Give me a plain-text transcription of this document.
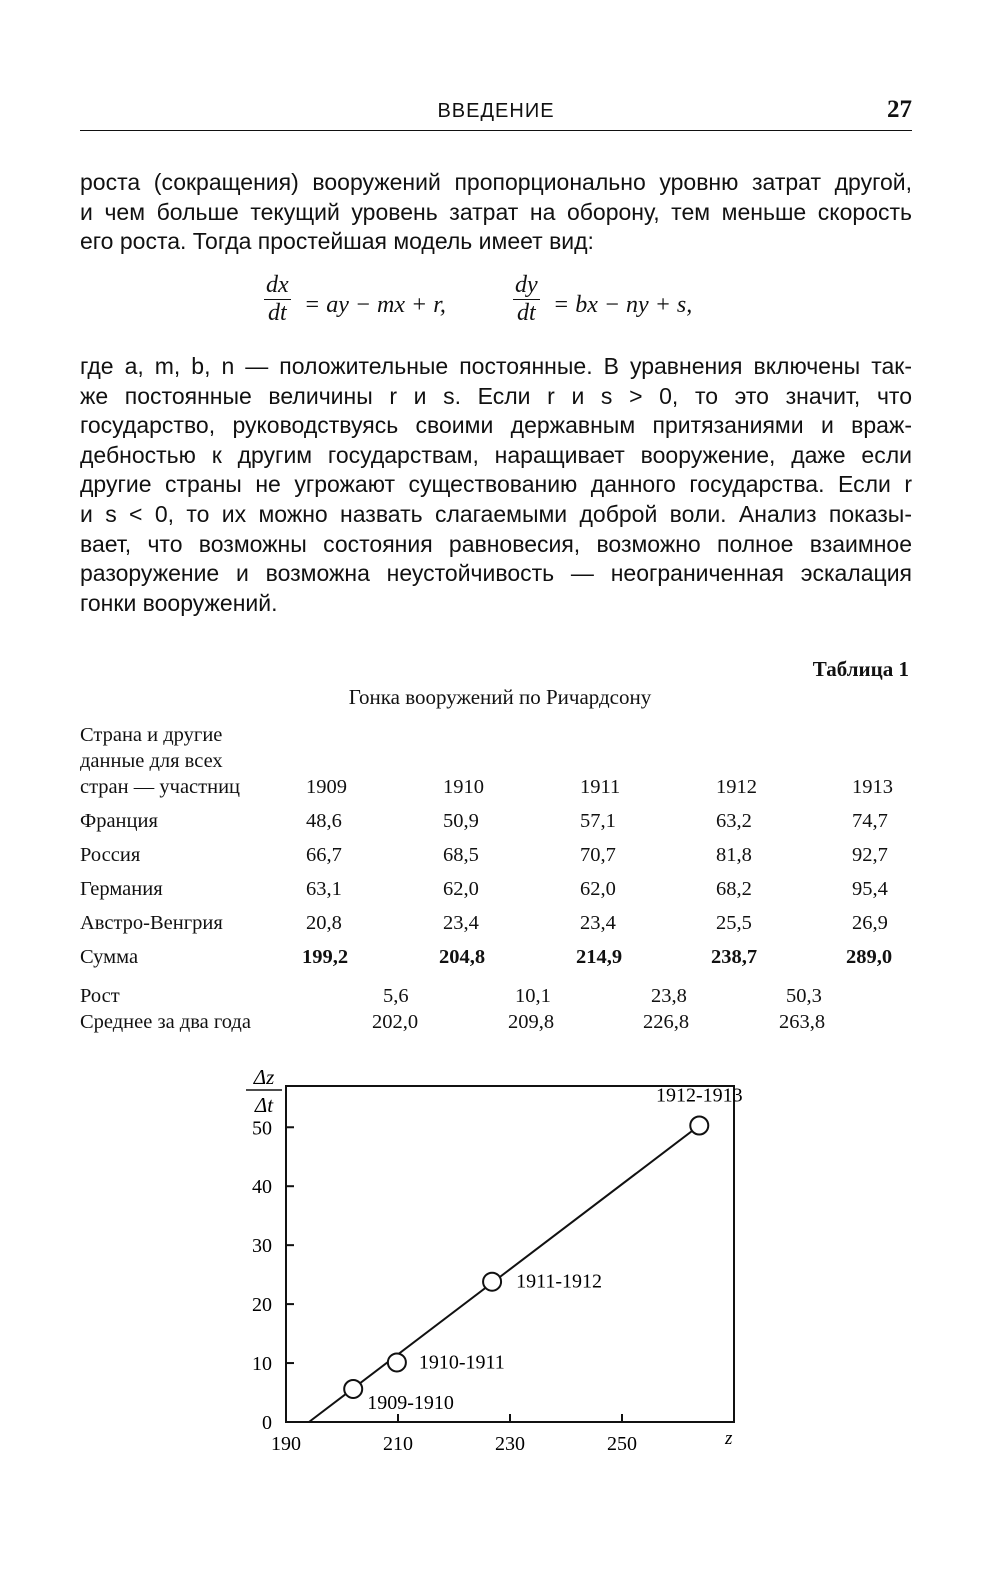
ВВЕДЕНИЕ	27
роста (сокращения) вооружений пропорционально уровню затрат другой,
и чем больше текущий уровень затрат на оборону, тем меньше скорость
его роста. Тогда простейшая модель имеет вид:
$\frac{dx}{dt}$ = ay − mx + r,	$\frac{dy}{dt}$ = bx − ny + s,
где a, m, b, n — положительные постоянные. В уравнения включены так-
же постоянные величины r и s. Если r и s > 0, то это значит, что
государство, руководствуясь своими державным притязаниями и враж-
дебностью к другим государствам, наращивает вооружение, даже если
другие страны не угрожают существованию данного государства. Если r
и s < 0, то их можно назвать слагаемыми доброй воли. Анализ показы-
вает, что возможны состояния равновесия, возможно полное взаимное
разоружение и возможна неустойчивость — неограниченная эскалация
гонки вооружений.
Таблица 1
Гонка вооружений по Ричардсону
Страна и другие
данные для всех
стран — участниц	1909	1910	1911	1912	1913
Франция	48,6	50,9	57,1	63,2	74,7
Россия	66,7	68,5	70,7	81,8	92,7
Германия	63,1	62,0	62,0	68,2	95,4
Австро-Венгрия	20,8	23,4	23,4	25,5	26,9
Сумма	199,2	204,8	214,9	238,7	289,0
Рост	5,6	10,1	23,8	50,3
Среднее за два года	202,0	209,8	226,8	263,8
Δz
Δt
0
10
20
30
40
50
190	210	230	250
1909-1910
1910-1911
1911-1912
1912-1913
z
